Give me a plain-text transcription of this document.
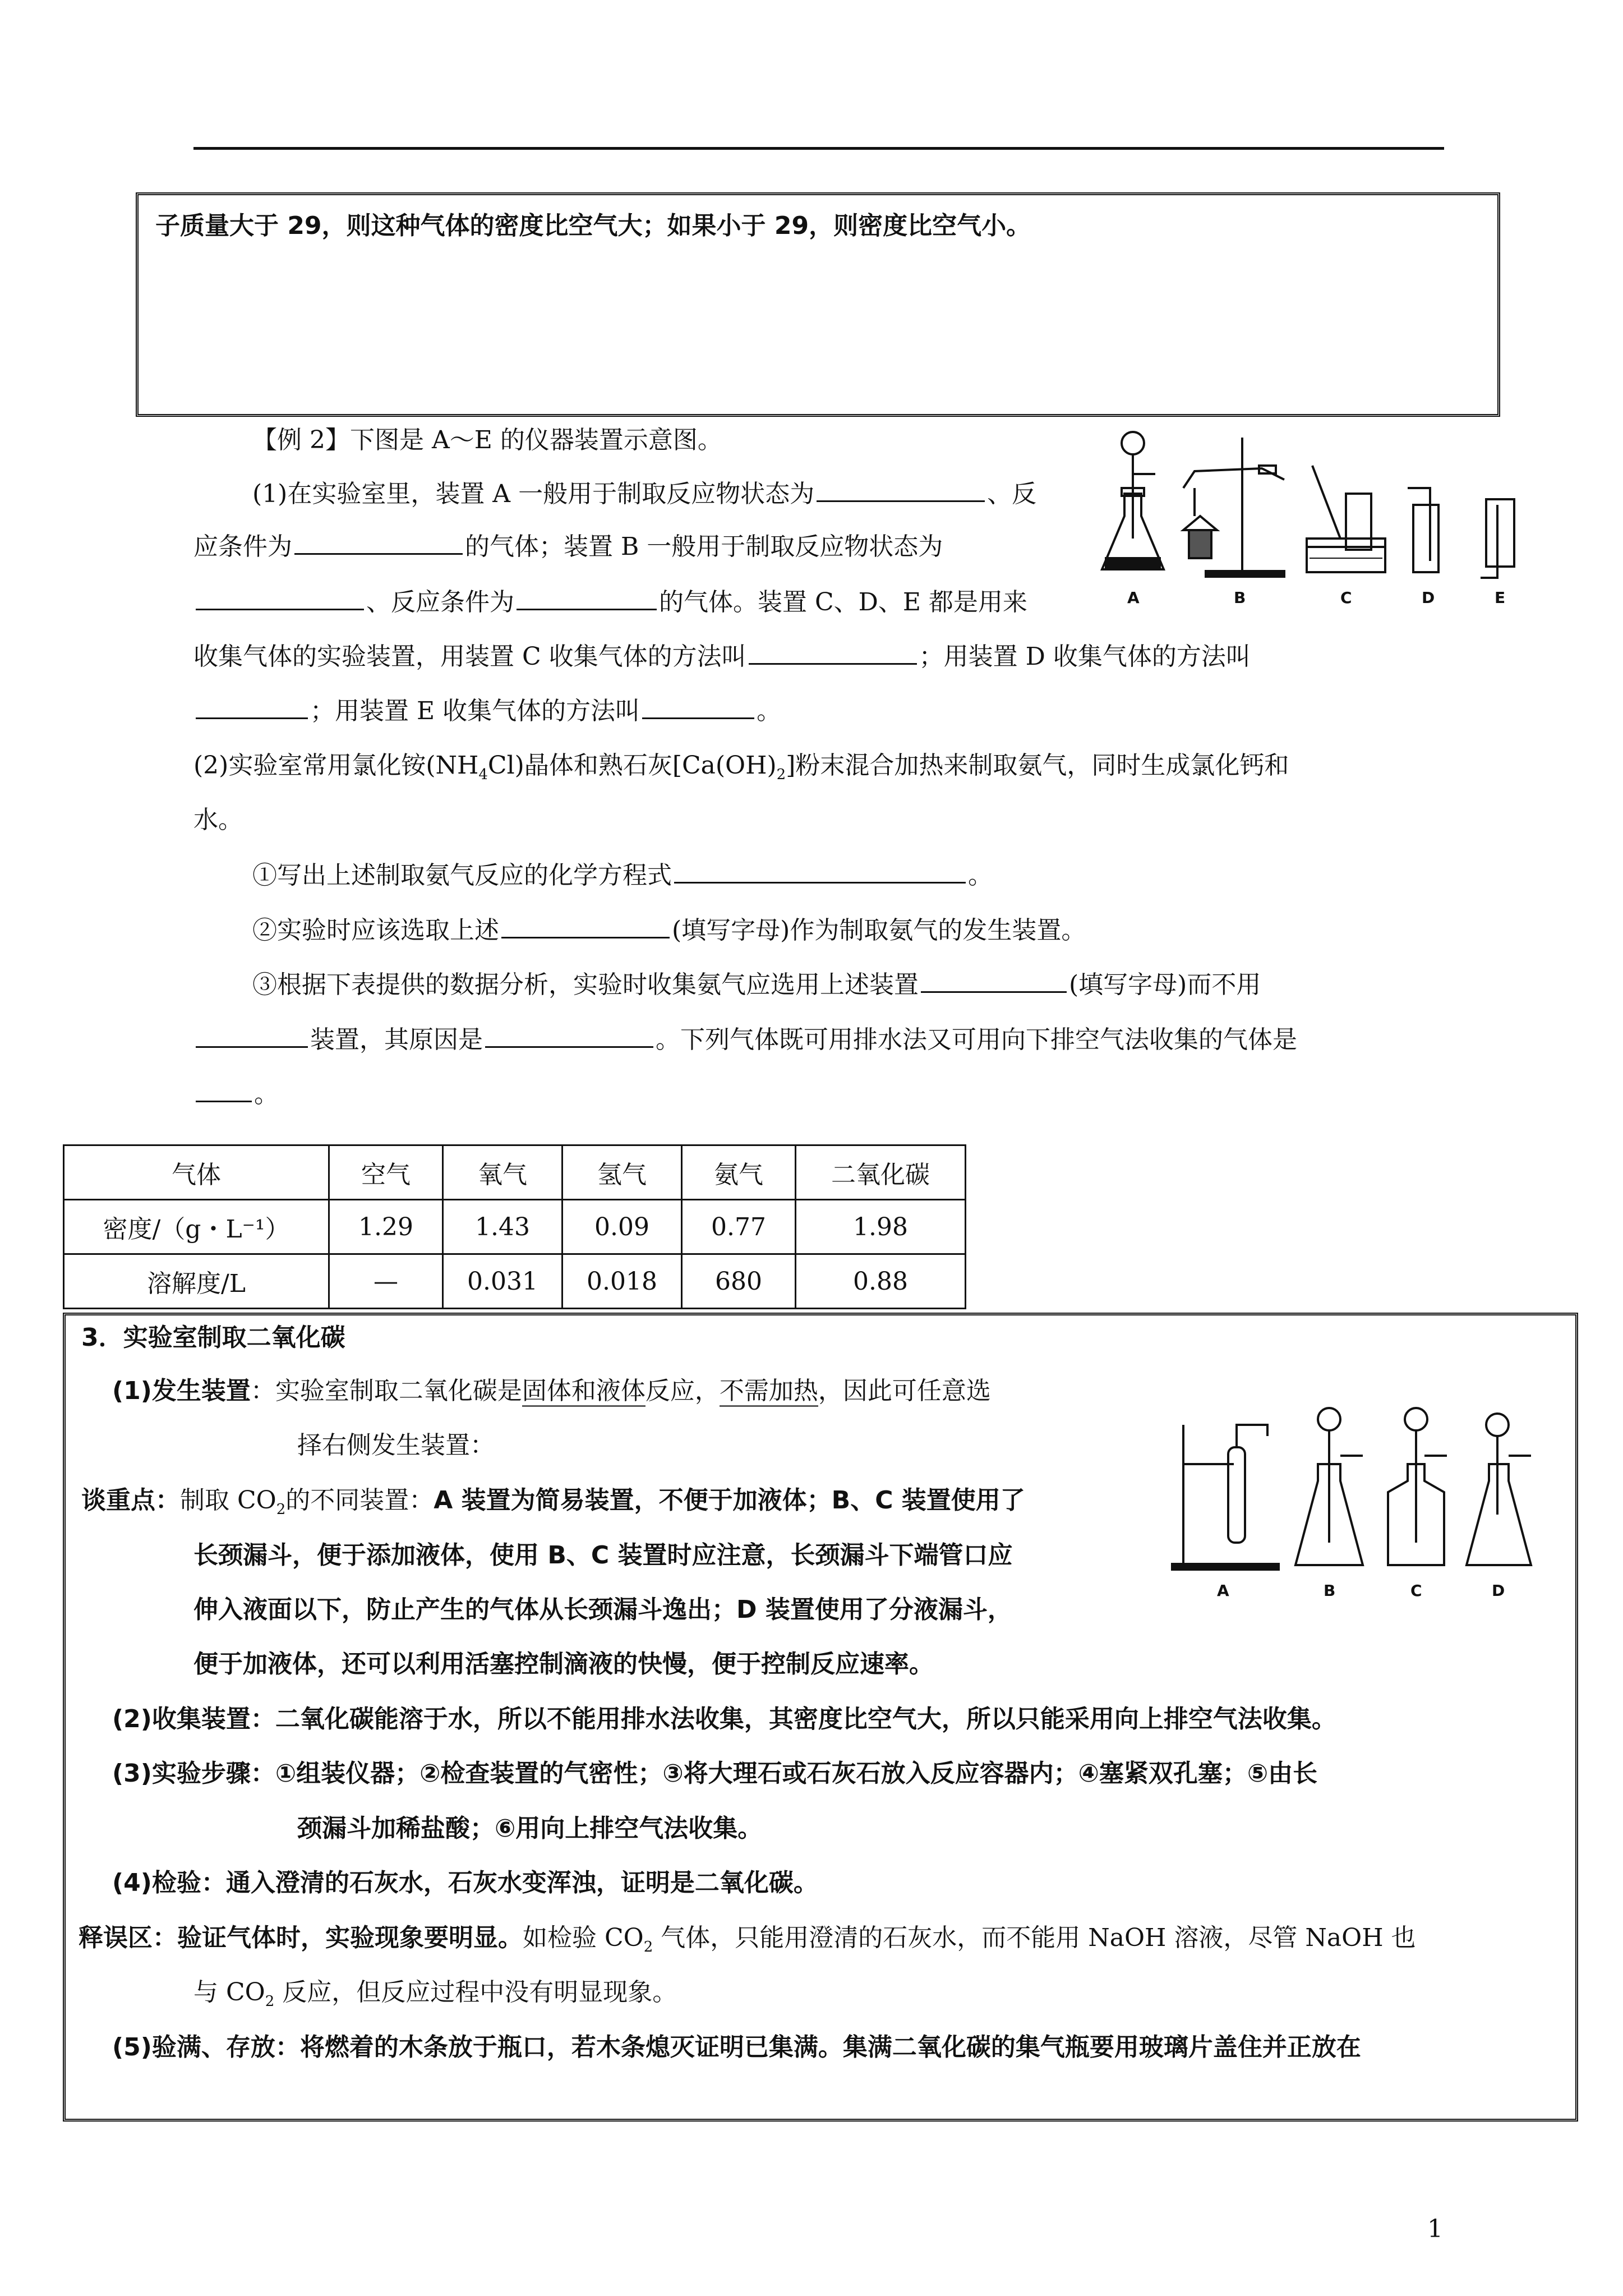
子质量大于 29，则这种气体的密度比空气大；如果小于 29，则密度比空气小。
【例 2】下图是 A～E 的仪器装置示意图。
(1)在实验室里，装置 A 一般用于制取反应物状态为	、反
应条件为	的气体；装置 B 一般用于制取反应物状态为
、反应条件为	的气体。装置 C、D、E 都是用来
收集气体的实验装置，用装置 C 收集气体的方法叫	；用装置 D 收集气体的方法叫
；用装置 E 收集气体的方法叫	。
(2)实验室常用氯化铵$(NH_4Cl)$晶体和熟石灰$[Ca(OH)_2]$粉末混合加热来制取氨气，同时生成氯化钙和
水。
①写出上述制取氨气反应的化学方程式	。
②实验时应该选取上述	(填写字母)作为制取氨气的发生装置。
③根据下表提供的数据分析，实验时收集氨气应选用上述装置	(填写字母)而不用
装置，其原因是	。下列气体既可用排水法又可用向下排空气法收集的气体是
。
A	B	C	D	E
气体	空气	氧气	氢气	氨气	二氧化碳
密度/（g・L⁻¹）	1.29	1.43	0.09	0.77	1.98
溶解度/L	—	0.031	0.018	680	0.88
3．实验室制取二氧化碳
(1)发生装置：实验室制取二氧化碳是固体和液体反应，不需加热，因此可任意选
择右侧发生装置：
谈重点：制取 $CO_2$的不同装置：A 装置为简易装置，不便于加液体；B、C 装置使用了
长颈漏斗，便于添加液体，使用 B、C 装置时应注意，长颈漏斗下端管口应
伸入液面以下，防止产生的气体从长颈漏斗逸出；D 装置使用了分液漏斗，
便于加液体，还可以利用活塞控制滴液的快慢，便于控制反应速率。
(2)收集装置：二氧化碳能溶于水，所以不能用排水法收集，其密度比空气大，所以只能采用向上排空气法收集。
(3)实验步骤：①组装仪器；②检查装置的气密性；③将大理石或石灰石放入反应容器内；④塞紧双孔塞；⑤由长
颈漏斗加稀盐酸；⑥用向上排空气法收集。
(4)检验：通入澄清的石灰水，石灰水变浑浊，证明是二氧化碳。
释误区：验证气体时，实验现象要明显。如检验 $CO_2$ 气体，只能用澄清的石灰水，而不能用 NaOH 溶液，尽管 NaOH 也
与 $CO_2$ 反应，但反应过程中没有明显现象。
(5)验满、存放：将燃着的木条放于瓶口，若木条熄灭证明已集满。集满二氧化碳的集气瓶要用玻璃片盖住并正放在
A	B	C	D
1
